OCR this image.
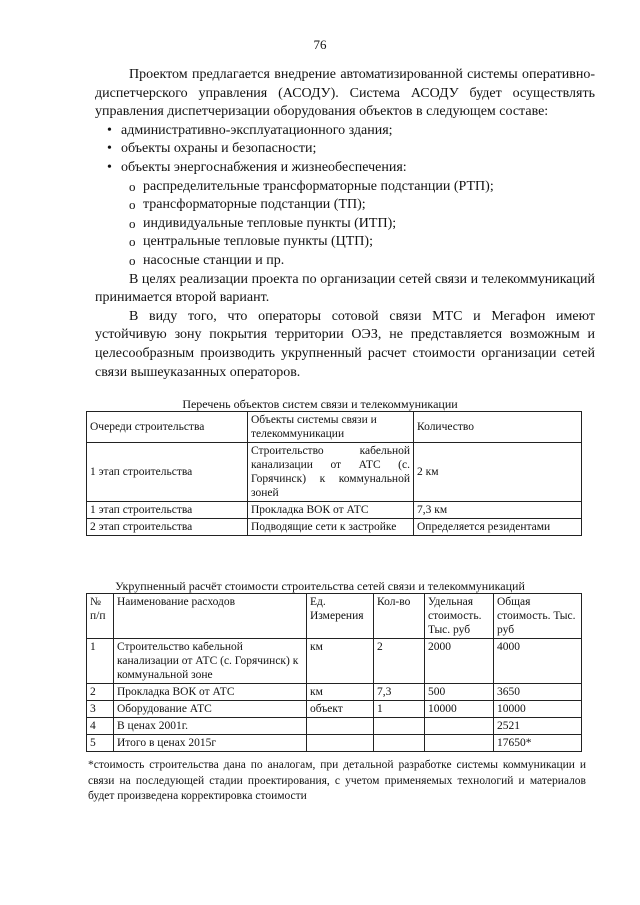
76

Проектом предлагается внедрение автоматизированной системы оперативно-диспетчерского управления (АСОДУ). Система АСОДУ будет осуществлять управления диспетчеризации оборудования объектов в следующем составе:

• административно-эксплуатационного здания;
• объекты охраны и безопасности;
• объекты энергоснабжения и жизнеобеспечения:
o распределительные трансформаторные подстанции (РТП);
o трансформаторные подстанции (ТП);
o индивидуальные тепловые пункты (ИТП);
o центральные тепловые пункты (ЦТП);
o насосные станции и пр.

В целях реализации проекта по организации сетей связи и телекоммуникаций принимается второй вариант.

В виду того, что операторы сотовой связи МТС и Мегафон имеют устойчивую зону покрытия территории ОЭЗ, не представляется возможным и целесообразным производить укрупненный расчет стоимости организации сетей связи вышеуказанных операторов.

Перечень объектов систем связи и телекоммуникации
Очереди строительства	Объекты системы связи и телекоммуникации	Количество
1 этап строительства	Строительство кабельной канализации от АТС (с. Горячинск) к коммунальной зоней	2 км
1 этап строительства	Прокладка ВОК от АТС	7,3 км
2 этап строительства	Подводящие сети к застройке	Определяется резидентами
Укрупненный расчёт стоимости строительства сетей связи и телекоммуникаций
№ п/п	Наименование расходов	Ед. Измерения	Кол-во	Удельная стоимость. Тыс. руб	Общая стоимость. Тыс. руб
1	Строительство кабельной канализации от АТС (с. Горячинск) к коммунальной зоне	км	2	2000	4000
2	Прокладка ВОК от АТС	км	7,3	500	3650
3	Оборудование АТС	объект	1	10000	10000
4	В ценах 2001г.				2521
5	Итого в ценах 2015г				17650*
*стоимость строительства дана по аналогам, при детальной разработке системы коммуникации и связи на последующей стадии проектирования, с учетом применяемых технологий и материалов будет произведена корректировка стоимости
